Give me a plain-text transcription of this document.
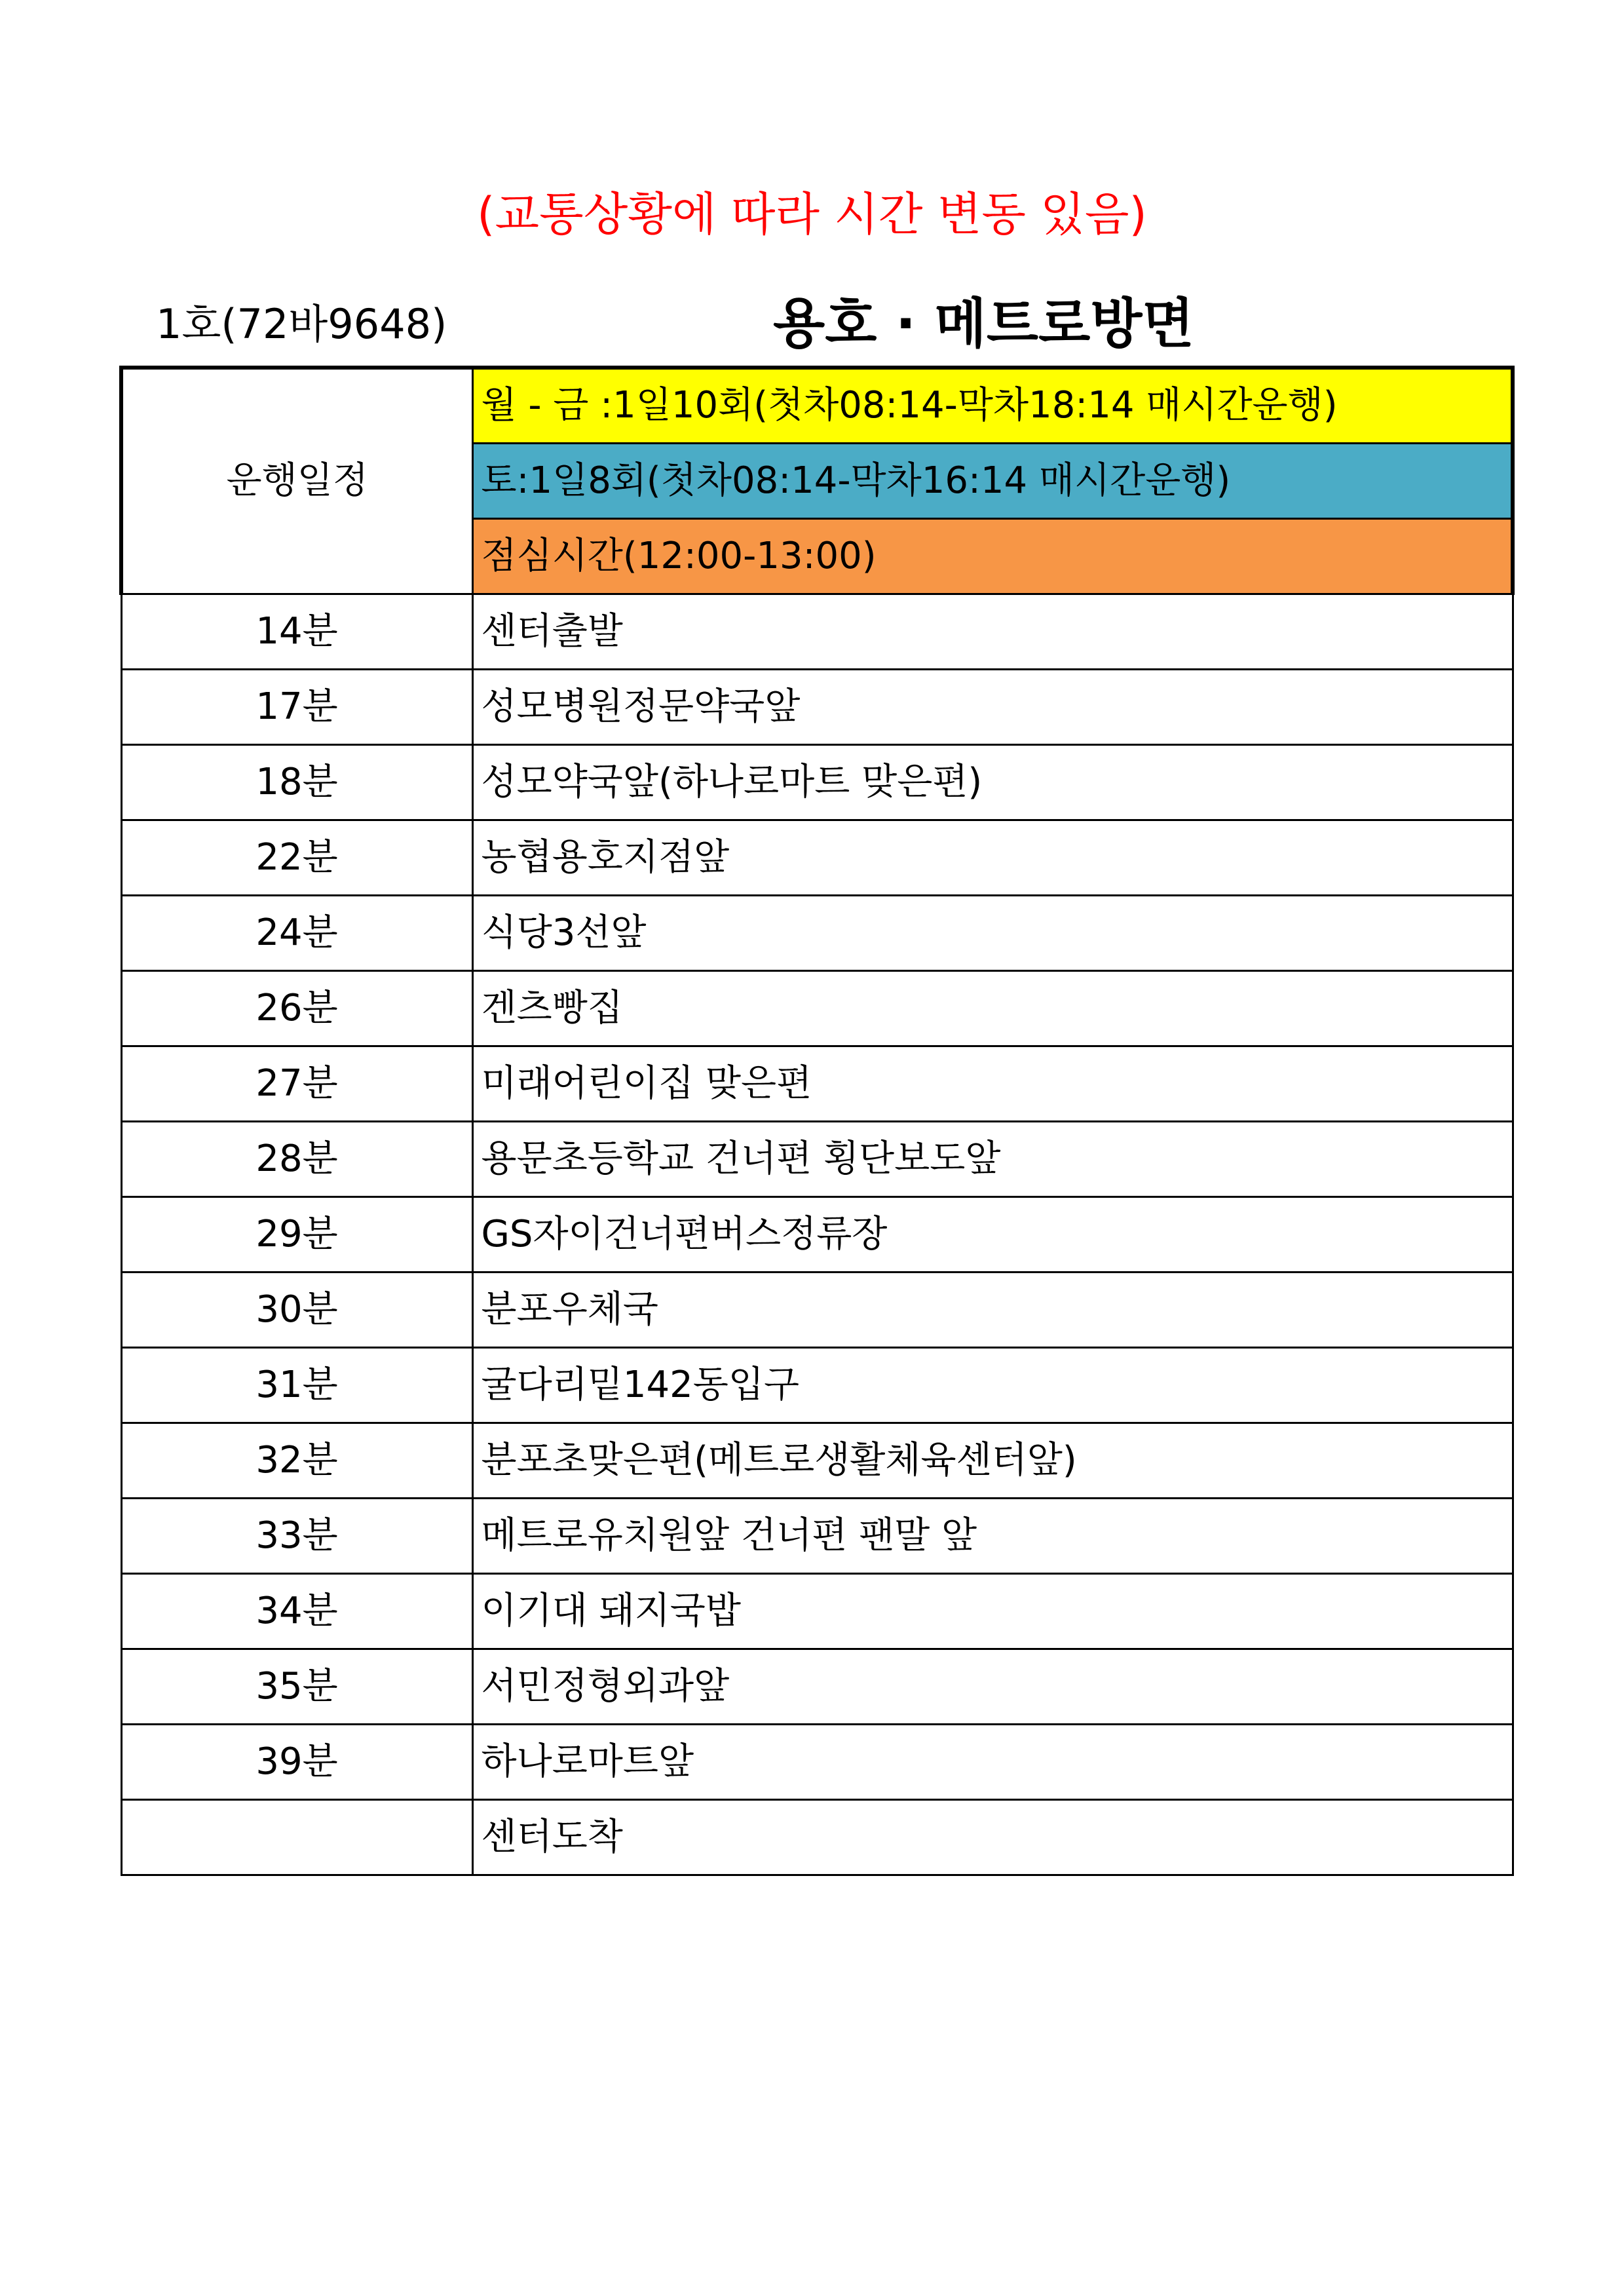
(교통상황에 따라 시간 변동 있음)
1호(72바9648)	용호 · 메트로방면
운행일정	월 - 금 :1일10회(첫차08:14-막차18:14 매시간운행)
	토:1일8회(첫차08:14-막차16:14 매시간운행)
	점심시간(12:00-13:00)
14분	센터출발
17분	성모병원정문약국앞
18분	성모약국앞(하나로마트 맞은편)
22분	농협용호지점앞
24분	식당3선앞
26분	겐츠빵집
27분	미래어린이집 맞은편
28분	용문초등학교 건너편 횡단보도앞
29분	GS자이건너편버스정류장
30분	분포우체국
31분	굴다리밑142동입구
32분	분포초맞은편(메트로생활체육센터앞)
33분	메트로유치원앞 건너편 팬말 앞
34분	이기대 돼지국밥
35분	서민정형외과앞
39분	하나로마트앞
	센터도착
